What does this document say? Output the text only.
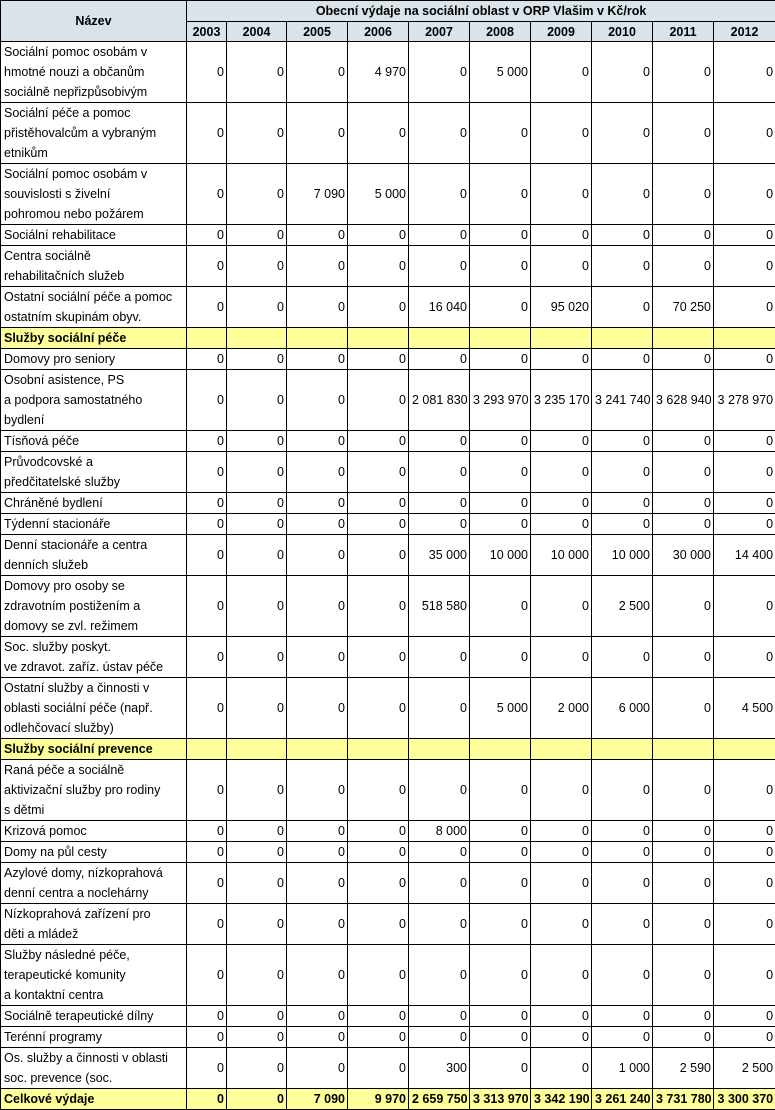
Název	Obecní výdaje na sociální oblast v ORP Vlašim v Kč/rok									
	2003	2004	2005	2006	2007	2008	2009	2010	2011	2012
Sociální pomoc osobám v
hmotné nouzi a občanům
sociálně nepřizpůsobivým	0	0	0	4 970	0	5 000	0	0	0	0
Sociální péče a pomoc
přistěhovalcům a vybraným
etnikům	0	0	0	0	0	0	0	0	0	0
Sociální pomoc osobám v
souvislosti s živelní
pohromou nebo požárem	0	0	7 090	5 000	0	0	0	0	0	0
Sociální rehabilitace	0	0	0	0	0	0	0	0	0	0
Centra sociálně
rehabilitačních služeb	0	0	0	0	0	0	0	0	0	0
Ostatní sociální péče a pomoc
ostatním skupinám obyv.	0	0	0	0	16 040	0	95 020	0	70 250	0
Služby sociální péče										
Domovy pro seniory	0	0	0	0	0	0	0	0	0	0
Osobní asistence, PS
a podpora samostatného
bydlení	0	0	0	0	2 081 830	3 293 970	3 235 170	3 241 740	3 628 940	3 278 970
Tísňová péče	0	0	0	0	0	0	0	0	0	0
Průvodcovské a
předčitatelské služby	0	0	0	0	0	0	0	0	0	0
Chráněné bydlení	0	0	0	0	0	0	0	0	0	0
Týdenní stacionáře	0	0	0	0	0	0	0	0	0	0
Denní stacionáře a centra
denních služeb	0	0	0	0	35 000	10 000	10 000	10 000	30 000	14 400
Domovy pro osoby se
zdravotním postižením a
domovy se zvl. režimem	0	0	0	0	518 580	0	0	2 500	0	0
Soc. služby poskyt.
ve zdravot. zaříz. ústav péče	0	0	0	0	0	0	0	0	0	0
Ostatní služby a činnosti v
oblasti sociální péče (např.
odlehčovací služby)	0	0	0	0	0	5 000	2 000	6 000	0	4 500
Služby sociální prevence										
Raná péče a sociálně
aktivizační služby pro rodiny
s dětmi	0	0	0	0	0	0	0	0	0	0
Krizová pomoc	0	0	0	0	8 000	0	0	0	0	0
Domy na půl cesty	0	0	0	0	0	0	0	0	0	0
Azylové domy, nízkoprahová
denní centra a noclehárny	0	0	0	0	0	0	0	0	0	0
Nízkoprahová zařízení pro
děti a mládež	0	0	0	0	0	0	0	0	0	0
Služby následné péče,
terapeutické komunity
a kontaktní centra	0	0	0	0	0	0	0	0	0	0
Sociálně terapeutické dílny	0	0	0	0	0	0	0	0	0	0
Terénní programy	0	0	0	0	0	0	0	0	0	0
Os. služby a činnosti v oblasti
soc. prevence (soc.	0	0	0	0	300	0	0	1 000	2 590	2 500
Celkové výdaje	0	0	7 090	9 970	2 659 750	3 313 970	3 342 190	3 261 240	3 731 780	3 300 370
